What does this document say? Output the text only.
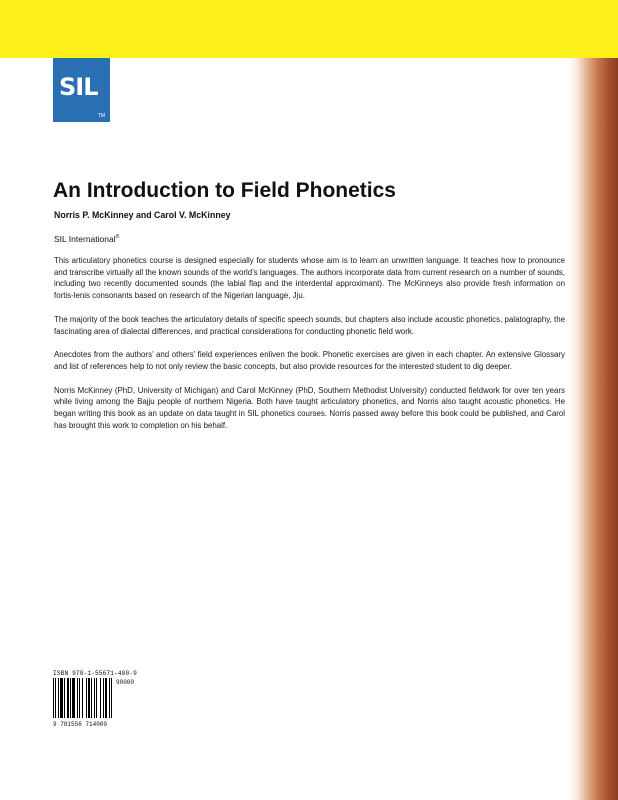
SIL
TM
An Introduction to Field Phonetics
Norris P. McKinney and Carol V. McKinney
SIL International®

This articulatory phonetics course is designed especially for students whose aim is to learn an unwritten language. It teaches how to pronounce and transcribe virtually all the known sounds of the world’s languages. The authors incorporate data from current research on a number of sounds, including two recently documented sounds (the labial flap and the interdental approximant). The McKinneys also provide fresh information on fortis-lenis consonants based on research of the Nigerian language, Jju.

The majority of the book teaches the articulatory details of specific speech sounds, but chapters also include acoustic phonetics, palatography, the fascinating area of dialectal differences, and practical considerations for conducting phonetic field work.

Anecdotes from the authors’ and others’ field experiences enliven the book. Phonetic exercises are given in each chapter. An extensive Glossary and list of references help to not only review the basic concepts, but also provide resources for the interested student to dig deeper.

Norris McKinney (PhD, University of Michigan) and Carol McKinney (PhD, Southern Methodist University) conducted fieldwork for over ten years while living among the Bajju people of northern Nigeria. Both have taught articulatory phonetics, and Norris also taught acoustic phonetics. He began writing this book as an update on data taught in SIL phonetics courses. Norris passed away before this book could be published, and Carol has brought this work to completion on his behalf.

ISBN 978-1-55671-400-9
90000
9 781556 714009
